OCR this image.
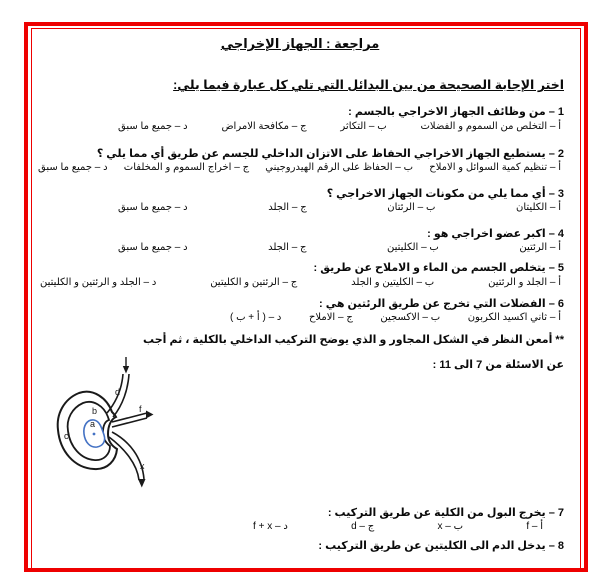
مراجعة : الجهاز الإخراجي
اختر الإجابة الصحيحة من بين البدائل التي تلي كل عبارة فيما يلي:
1 – من وظائف الجهاز الاخراجي بالجسم :
أ – التخلص من السموم و الفضلات
ب – التكاثر
ج – مكافحة الامراض
د – جميع ما سبق
2 – يستطيع الجهاز الاخراجي الحفاظ على الاتزان الداخلي للجسم عن طريق أي مما يلي ؟
أ – تنظيم كمية السوائل و الاملاح
ب – الحفاظ على الرقم الهيدروجيني
ج – اخراج السموم و المخلفات
د – جميع ما سبق
3 – أي مما يلي من مكونات الجهاز الاخراجي ؟
أ – الكليتان
ب – الرئتان
ج – الجلد
د – جميع ما سبق
4 – اكبر عضو اخراجي هو :
أ – الرئتين
ب – الكليتين
ج – الجلد
د – جميع ما سبق
5 – يتخلص الجسم من الماء و الاملاح عن طريق :
أ – الجلد و الرئتين
ب – الكليتين و الجلد
ج – الرئتين و الكليتين
د – الجلد و الرئتين و الكليتين
6 – الفضلات التي تخرج عن طريق الرئتين هي :
أ – ثاني اكسيد الكربون
ب – الاكسجين
ج – الاملاح
د – ( أ + ب )
** أمعن النظر في الشكل المجاور و الذي يوضح التركيب الداخلي بالكلية ، ثم أجب
عن الاسئلة من 7 الى 11 :
b
a
c
d
f
x
7 – يخرج البول من الكلية عن طريق التركيب :
أ – f
ب – x
ج – d
د – f + x
8 – يدخل الدم الى الكليتين عن طريق التركيب :
